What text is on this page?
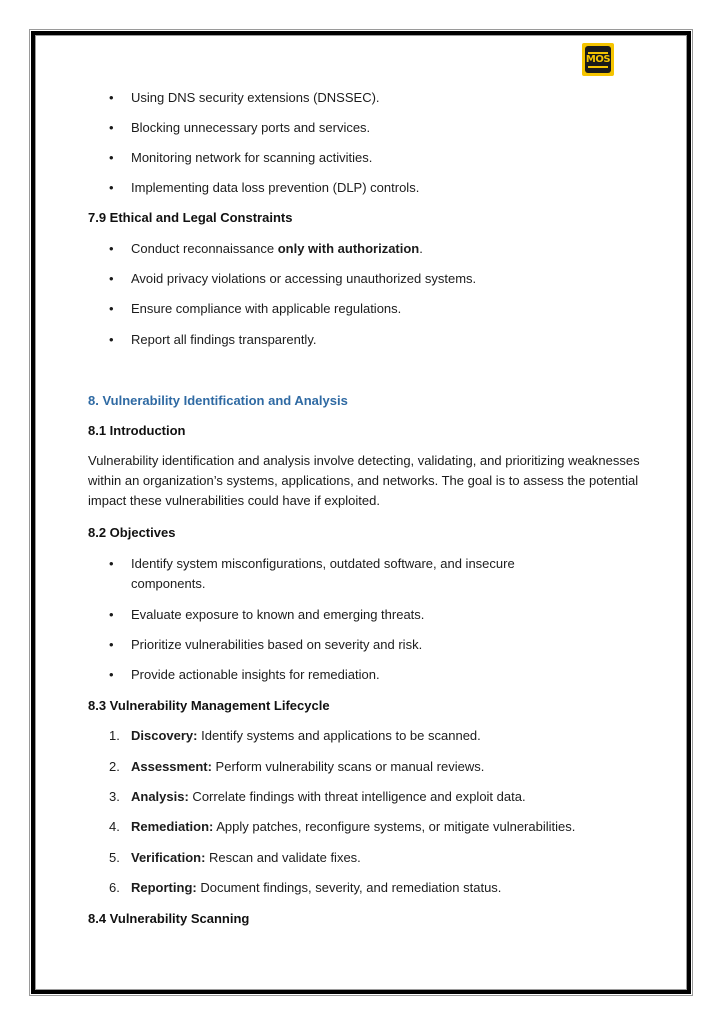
MOS
• Using DNS security extensions (DNSSEC).
• Blocking unnecessary ports and services.
• Monitoring network for scanning activities.
• Implementing data loss prevention (DLP) controls.
7.9 Ethical and Legal Constraints
• Conduct reconnaissance only with authorization.
• Avoid privacy violations or accessing unauthorized systems.
• Ensure compliance with applicable regulations.
• Report all findings transparently.
8. Vulnerability Identification and Analysis
8.1 Introduction
Vulnerability identification and analysis involve detecting, validating, and prioritizing weaknesses within an organization’s systems, applications, and networks. The goal is to assess the potential impact these vulnerabilities could have if exploited.
8.2 Objectives
• Identify system misconfigurations, outdated software, and insecure
components.
• Evaluate exposure to known and emerging threats.
• Prioritize vulnerabilities based on severity and risk.
• Provide actionable insights for remediation.
8.3 Vulnerability Management Lifecycle
1. Discovery: Identify systems and applications to be scanned.
2. Assessment: Perform vulnerability scans or manual reviews.
3. Analysis: Correlate findings with threat intelligence and exploit data.
4. Remediation: Apply patches, reconfigure systems, or mitigate vulnerabilities.
5. Verification: Rescan and validate fixes.
6. Reporting: Document findings, severity, and remediation status.
8.4 Vulnerability Scanning
